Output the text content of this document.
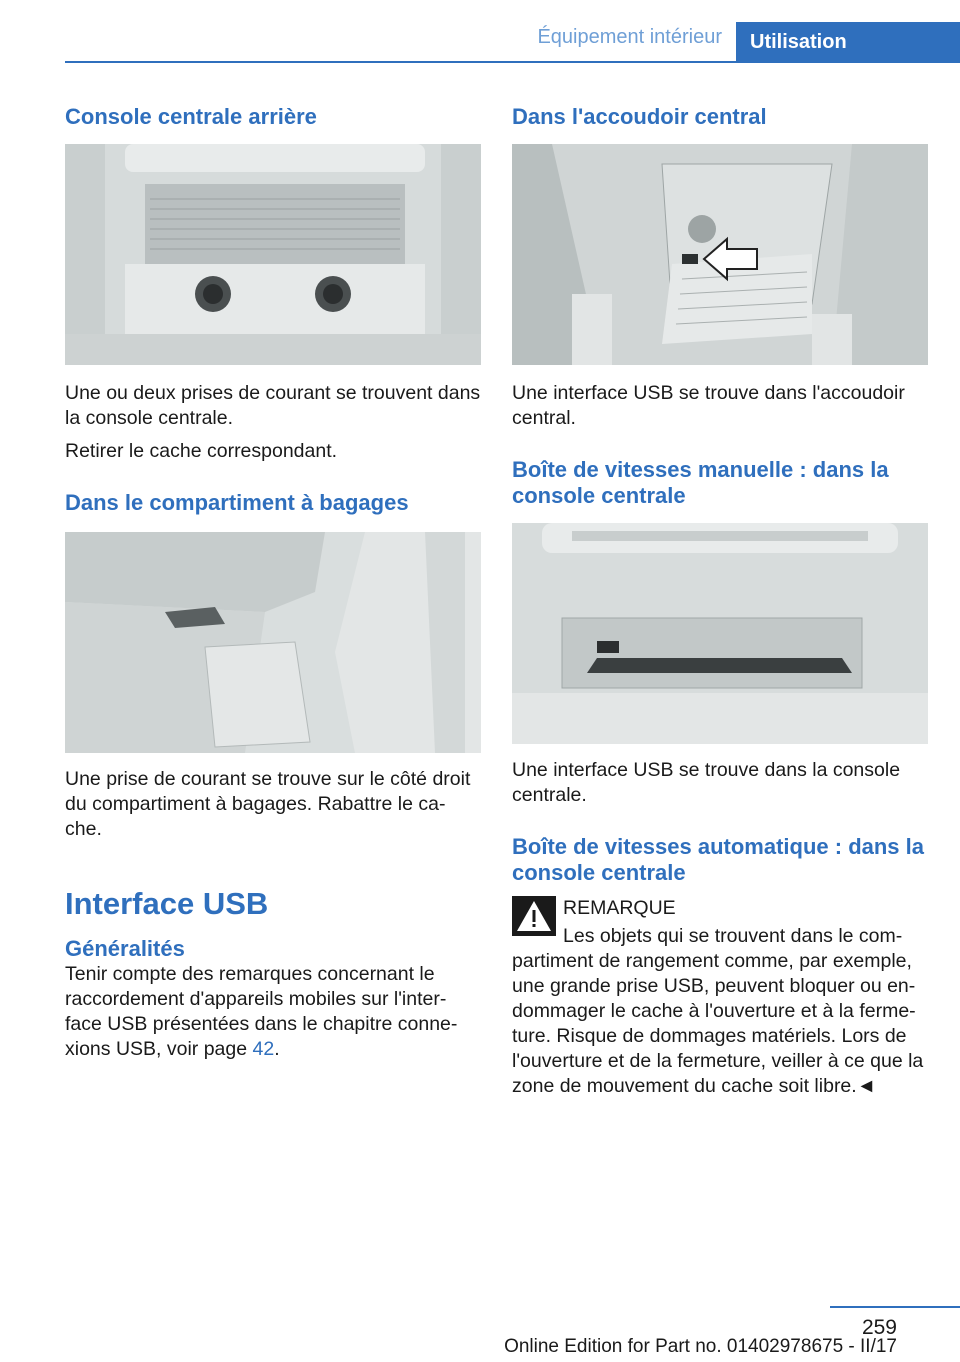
Équipement intérieur	Utilisation
Console centrale arrière

Une ou deux prises de courant se trouvent dans la console centrale.

Retirer le cache correspondant.

Dans le compartiment à bagages

Une prise de courant se trouve sur le côté droit du compartiment à bagages. Rabattre le ca‐che.

Interface USB
Généralités

Tenir compte des remarques concernant le raccordement d'appareils mobiles sur l'inter‐face USB présentées dans le chapitre conne‐xions USB, voir page 42.

Dans l'accoudoir central

Une interface USB se trouve dans l'accoudoir central.

Boîte de vitesses manuelle : dans la console centrale

Une interface USB se trouve dans la console centrale.

Boîte de vitesses automatique : dans la console centrale

REMARQUE

Les objets qui se trouvent dans le com‐partiment de rangement comme, par exemple, une grande prise USB, peuvent bloquer ou en‐dommager le cache à l'ouverture et à la ferme‐ture. Risque de dommages matériels. Lors de l'ouverture et de la fermeture, veiller à ce que la zone de mouvement du cache soit libre.◄

259
Online Edition for Part no. 01402978675 - II/17
